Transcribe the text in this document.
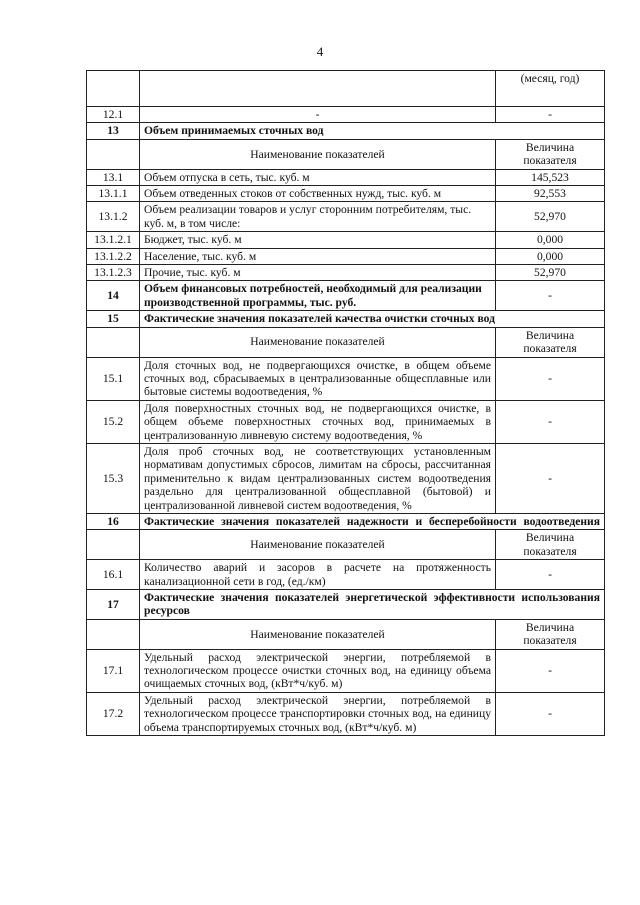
4
		(месяц, год)
12.1	-	-
13	Объем принимаемых сточных вод	
	Наименование показателей	Величина показателя
13.1	Объем отпуска в сеть, тыс. куб. м	145,523
13.1.1	Объем отведенных стоков от собственных нужд, тыс. куб. м	92,553
13.1.2	Объем реализации товаров и услуг сторонним потребителям, тыс. куб. м, в том числе:	52,970
13.1.2.1	Бюджет, тыс. куб. м	0,000
13.1.2.2	Население, тыс. куб. м	0,000
13.1.2.3	Прочие, тыс. куб. м	52,970
14	Объем финансовых потребностей, необходимый для реализации производственной программы, тыс. руб.	-
15	Фактические значения показателей качества очистки сточных вод	
	Наименование показателей	Величина показателя
15.1	Доля сточных вод, не подвергающихся очистке, в общем объеме сточных вод, сбрасываемых в централизованные общесплавные или бытовые системы водоотведения, %	-
15.2	Доля поверхностных сточных вод, не подвергающихся очистке, в общем объеме поверхностных сточных вод, принимаемых в централизованную ливневую систему водоотведения, %	-
15.3	Доля проб сточных вод, не соответствующих установленным нормативам допустимых сбросов, лимитам на сбросы, рассчитанная применительно к видам централизованных систем водоотведения раздельно для централизованной общесплавной (бытовой) и централизованной ливневой систем водоотведения, %	-
16	Фактические значения показателей надежности и бесперебойности водоотведения	
	Наименование показателей	Величина показателя
16.1	Количество аварий и засоров в расчете на протяженность канализационной сети в год, (ед./км)	-
17	Фактические значения показателей энергетической эффективности использования ресурсов	
	Наименование показателей	Величина показателя
17.1	Удельный расход электрической энергии, потребляемой в технологическом процессе очистки сточных вод, на единицу объема очищаемых сточных вод, (кВт*ч/куб. м)	-
17.2	Удельный расход электрической энергии, потребляемой в технологическом процессе транспортировки сточных вод, на единицу объема транспортируемых сточных вод, (кВт*ч/куб. м)	-
